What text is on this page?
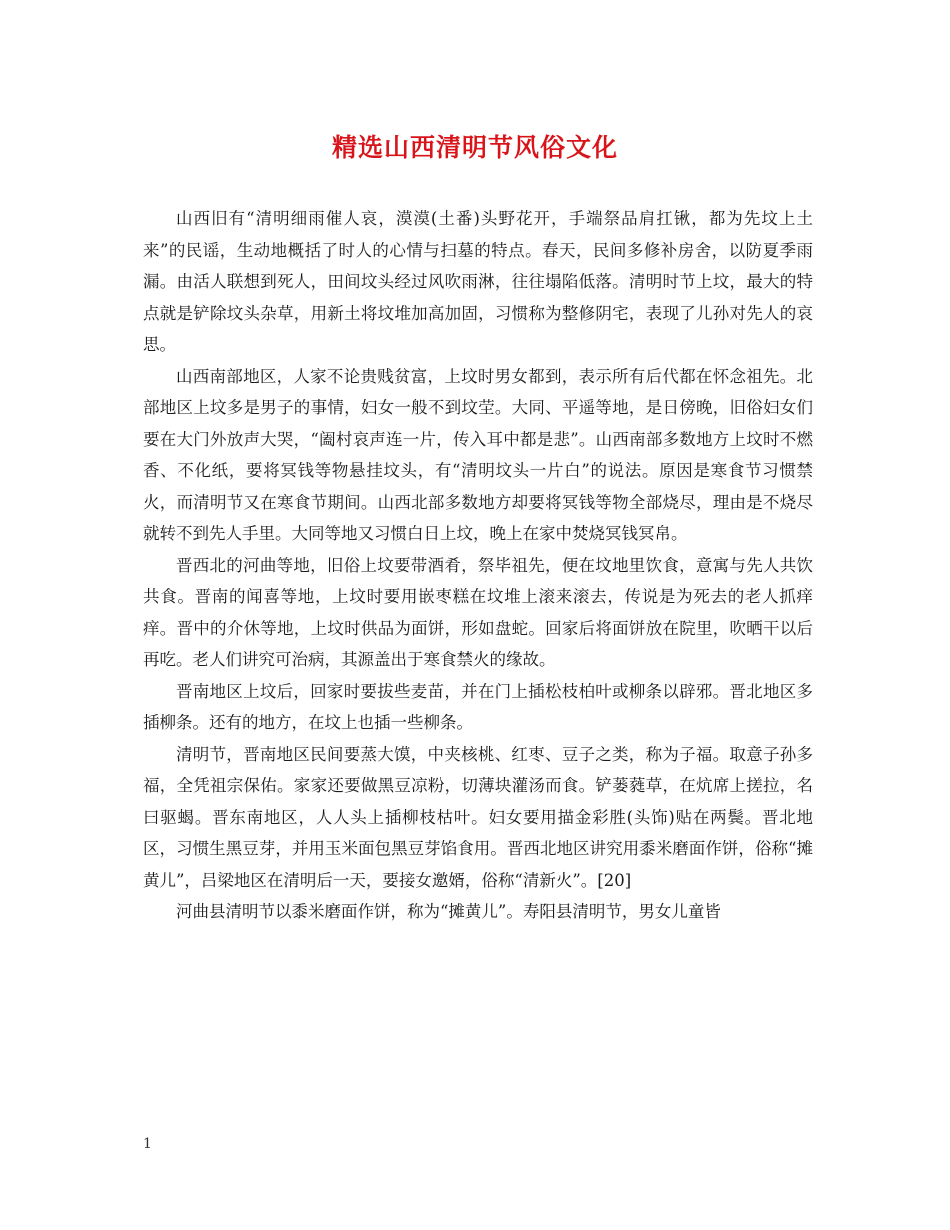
精选山西清明节风俗文化

山西旧有“清明细雨催人哀，漠漠(土番)头野花开，手端祭品肩扛锹，都为先坟上土来”的民谣，生动地概括了时人的心情与扫墓的特点。春天，民间多修补房舍，以防夏季雨漏。由活人联想到死人，田间坟头经过风吹雨淋，往往塌陷低落。清明时节上坟，最大的特点就是铲除坟头杂草，用新土将坟堆加高加固，习惯称为整修阴宅，表现了儿孙对先人的哀思。

山西南部地区，人家不论贵贱贫富，上坟时男女都到，表示所有后代都在怀念祖先。北部地区上坟多是男子的事情，妇女一般不到坟茔。大同、平遥等地，是日傍晚，旧俗妇女们要在大门外放声大哭，“阖村哀声连一片，传入耳中都是悲”。山西南部多数地方上坟时不燃香、不化纸，要将冥钱等物悬挂坟头，有“清明坟头一片白”的说法。原因是寒食节习惯禁火，而清明节又在寒食节期间。山西北部多数地方却要将冥钱等物全部烧尽，理由是不烧尽就转不到先人手里。大同等地又习惯白日上坟，晚上在家中焚烧冥钱冥帛。

晋西北的河曲等地，旧俗上坟要带酒肴，祭毕祖先，便在坟地里饮食，意寓与先人共饮共食。晋南的闻喜等地，上坟时要用嵌枣糕在坟堆上滚来滚去，传说是为死去的老人抓痒痒。晋中的介休等地，上坟时供品为面饼，形如盘蛇。回家后将面饼放在院里，吹晒干以后再吃。老人们讲究可治病，其源盖出于寒食禁火的缘故。

晋南地区上坟后，回家时要拔些麦苗，并在门上插松枝柏叶或柳条以辟邪。晋北地区多插柳条。还有的地方，在坟上也插一些柳条。

清明节，晋南地区民间要蒸大馍，中夹核桃、红枣、豆子之类，称为子福。取意子孙多福，全凭祖宗保佑。家家还要做黑豆凉粉，切薄块灌汤而食。铲蒌蕤草，在炕席上搓拉，名曰驱蝎。晋东南地区，人人头上插柳枝枯叶。妇女要用描金彩胜(头饰)贴在两鬓。晋北地区，习惯生黑豆芽，并用玉米面包黑豆芽馅食用。晋西北地区讲究用黍米磨面作饼，俗称“摊黄儿”，吕梁地区在清明后一天，要接女邀婿，俗称“清新火”。[20]

河曲县清明节以黍米磨面作饼，称为“摊黄儿”。寿阳县清明节，男女儿童皆

1
